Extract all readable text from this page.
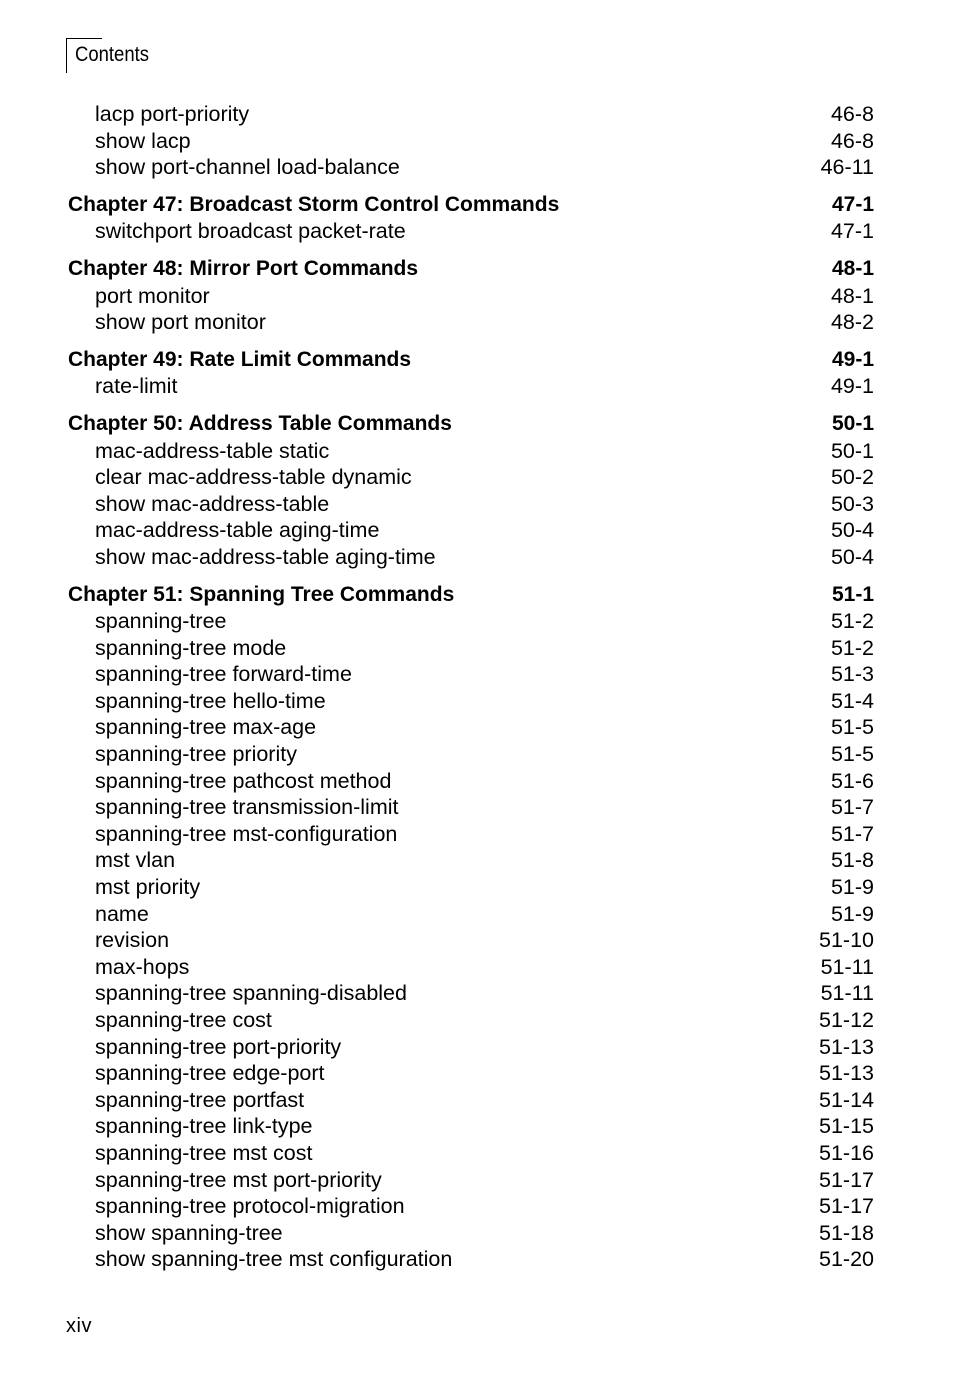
Contents
lacp port-priority	46-8
show lacp	46-8
show port-channel load-balance	46-11
Chapter 47: Broadcast Storm Control Commands	47-1
switchport broadcast packet-rate	47-1
Chapter 48: Mirror Port Commands	48-1
port monitor	48-1
show port monitor	48-2
Chapter 49: Rate Limit Commands	49-1
rate-limit	49-1
Chapter 50: Address Table Commands	50-1
mac-address-table static	50-1
clear mac-address-table dynamic	50-2
show mac-address-table	50-3
mac-address-table aging-time	50-4
show mac-address-table aging-time	50-4
Chapter 51: Spanning Tree Commands	51-1
spanning-tree	51-2
spanning-tree mode	51-2
spanning-tree forward-time	51-3
spanning-tree hello-time	51-4
spanning-tree max-age	51-5
spanning-tree priority	51-5
spanning-tree pathcost method	51-6
spanning-tree transmission-limit	51-7
spanning-tree mst-configuration	51-7
mst vlan	51-8
mst priority	51-9
name	51-9
revision	51-10
max-hops	51-11
spanning-tree spanning-disabled	51-11
spanning-tree cost	51-12
spanning-tree port-priority	51-13
spanning-tree edge-port	51-13
spanning-tree portfast	51-14
spanning-tree link-type	51-15
spanning-tree mst cost	51-16
spanning-tree mst port-priority	51-17
spanning-tree protocol-migration	51-17
show spanning-tree	51-18
show spanning-tree mst configuration	51-20
xiv
